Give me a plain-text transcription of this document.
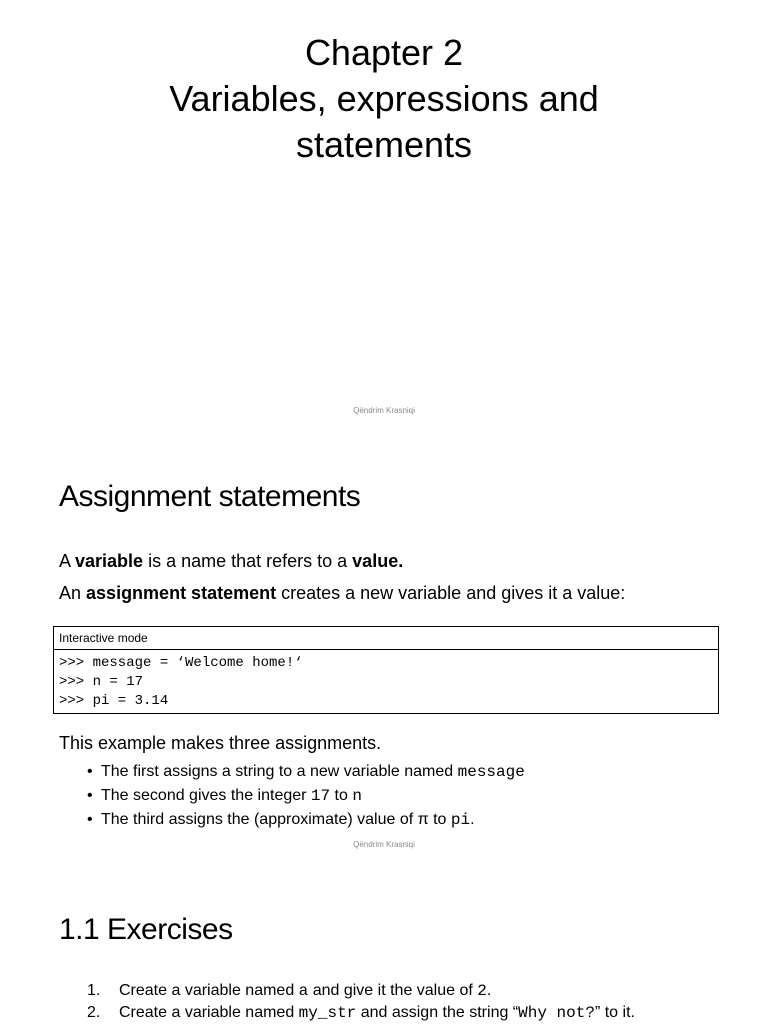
Chapter 2
Variables, expressions and
statements
Qëndrim Krasniqi
Assignment statements
A variable is a name that refers to a value.
An assignment statement creates a new variable and gives it a value:
Interactive mode
>>> message = ‘Welcome home!‘
>>> n = 17
>>> pi = 3.14
This example makes three assignments.
• The first assigns a string to a new variable named message
• The second gives the integer 17 to n
• The third assigns the (approximate) value of π to pi.
Qëndrim Krasniqi
1.1 Exercises
1. Create a variable named a and give it the value of 2.
2. Create a variable named my_str and assign the string “Why not?” to it.
